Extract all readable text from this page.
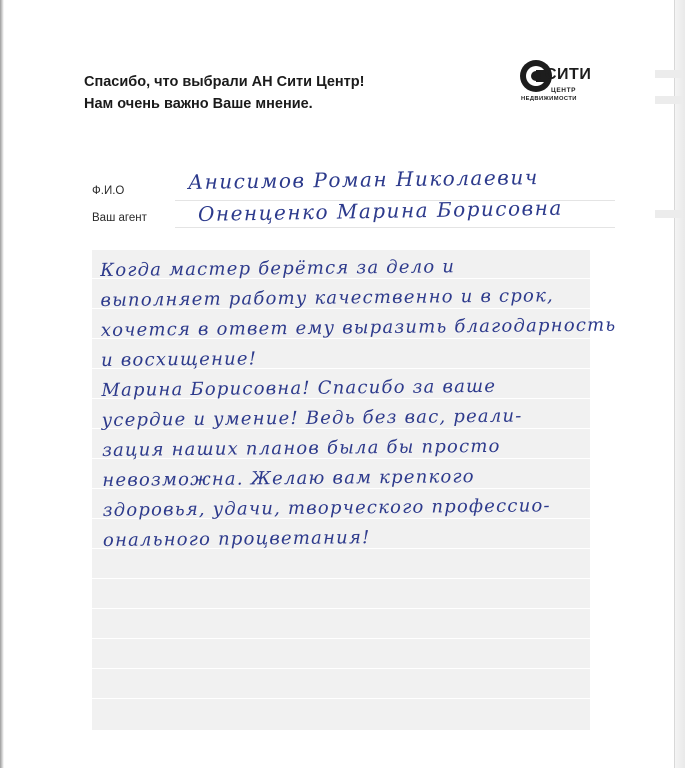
Спасибо, что выбрали АН Сити Центр!
Нам очень важно Ваше мнение.
СИТИ
ЦЕНТР
НЕДВИЖИМОСТИ
Ф.И.О	Анисимов Роман Николаевич
Ваш агент	Оненценко Марина Борисовна
Когда мастер берётся за дело и
выполняет работу качественно и в срок,
хочется в ответ ему выразить благодарность
и восхищение!
Марина Борисовна! Спасибо за ваше
усердие и умение! Ведь без вас, реали-
зация наших планов была бы просто
невозможна. Желаю вам крепкого
здоровья, удачи, творческого профессио-
онального процветания!
